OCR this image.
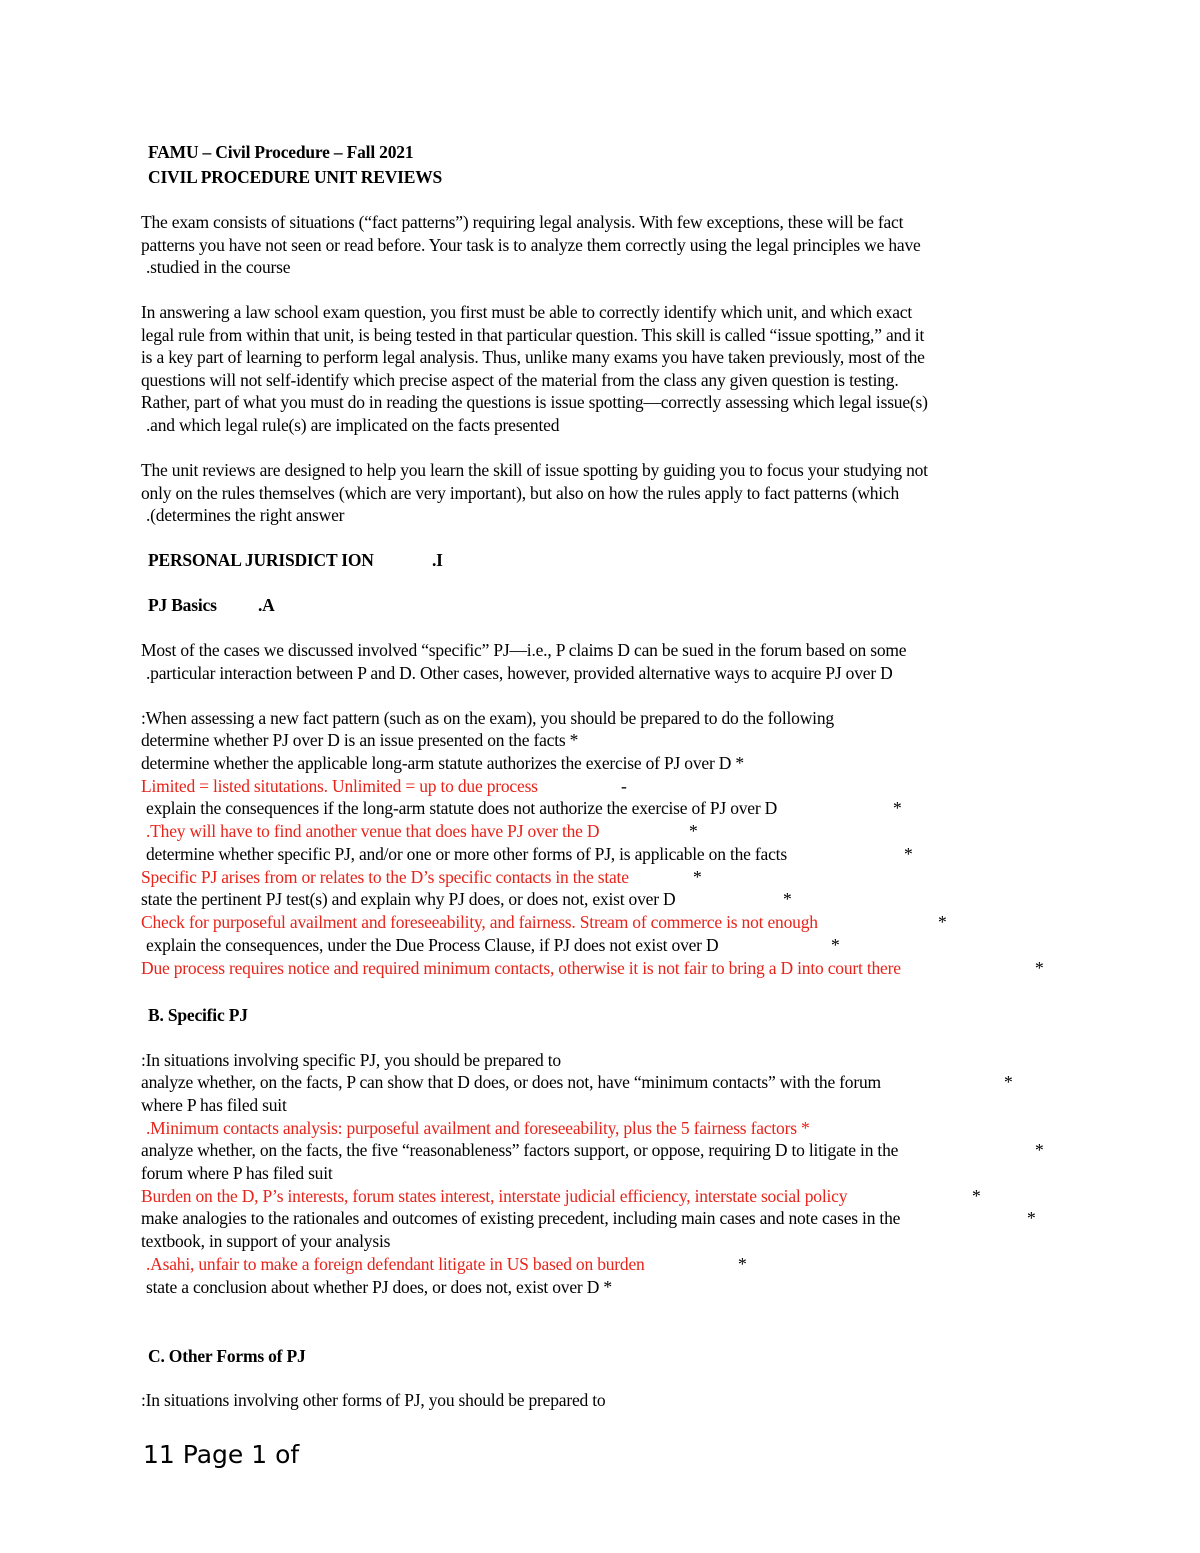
FAMU – Civil Procedure – Fall 2021
CIVIL PROCEDURE UNIT REVIEWS
The exam consists of situations (“fact patterns”) requiring legal analysis. With few exceptions, these will be fact
patterns you have not seen or read before. Your task is to analyze them correctly using the legal principles we have
.studied in the course
In answering a law school exam question, you first must be able to correctly identify which unit, and which exact
legal rule from within that unit, is being tested in that particular question. This skill is called “issue spotting,” and it
is a key part of learning to perform legal analysis. Thus, unlike many exams you have taken previously, most of the
questions will not self-identify which precise aspect of the material from the class any given question is testing.
Rather, part of what you must do in reading the questions is issue spotting—correctly assessing which legal issue(s)
.and which legal rule(s) are implicated on the facts presented
The unit reviews are designed to help you learn the skill of issue spotting by guiding you to focus your studying not
only on the rules themselves (which are very important), but also on how the rules apply to fact patterns (which
.(determines the right answer
PERSONAL JURISDICT ION	.I
PJ Basics .A
Most of the cases we discussed involved “specific” PJ—i.e., P claims D can be sued in the forum based on some
.particular interaction between P and D. Other cases, however, provided alternative ways to acquire PJ over D
:When assessing a new fact pattern (such as on the exam), you should be prepared to do the following
determine whether PJ over D is an issue presented on the facts *
determine whether the applicable long-arm statute authorizes the exercise of PJ over D *
Limited = listed situtations. Unlimited = up to due process	-
explain the consequences if the long-arm statute does not authorize the exercise of PJ over D	*
.They will have to find another venue that does have PJ over the D	*
determine whether specific PJ, and/or one or more other forms of PJ, is applicable on the facts	*
Specific PJ arises from or relates to the D’s specific contacts in the state	*
state the pertinent PJ test(s) and explain why PJ does, or does not, exist over D	*
Check for purposeful availment and foreseeability, and fairness. Stream of commerce is not enough	*
explain the consequences, under the Due Process Clause, if PJ does not exist over D	*
Due process requires notice and required minimum contacts, otherwise it is not fair to bring a D into court there	*
B. Specific PJ
:In situations involving specific PJ, you should be prepared to
analyze whether, on the facts, P can show that D does, or does not, have “minimum contacts” with the forum	*
where P has filed suit
.Minimum contacts analysis: purposeful availment and foreseeability, plus the 5 fairness factors *
analyze whether, on the facts, the five “reasonableness” factors support, or oppose, requiring D to litigate in the	*
forum where P has filed suit
Burden on the D, P’s interests, forum states interest, interstate judicial efficiency, interstate social policy	*
make analogies to the rationales and outcomes of existing precedent, including main cases and note cases in the	*
textbook, in support of your analysis
.Asahi, unfair to make a foreign defendant litigate in US based on burden	*
state a conclusion about whether PJ does, or does not, exist over D *
C. Other Forms of PJ
:In situations involving other forms of PJ, you should be prepared to
11 Page 1 of
